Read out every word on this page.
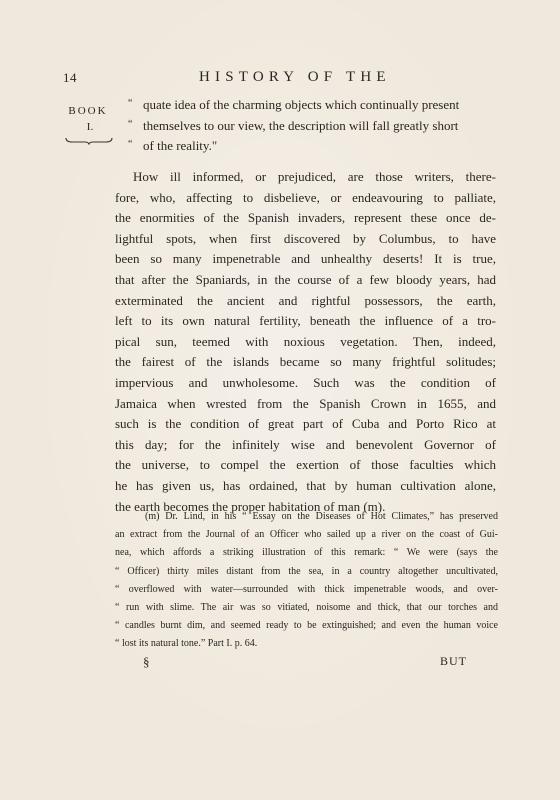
14	HISTORY OF THE
BOOK
I.
“ quate idea of the charming objects which continually present
“ themselves to our view, the description will fall greatly short
“ of the reality."
How ill informed, or prejudiced, are those writers, there-
fore, who, affecting to disbelieve, or endeavouring to palliate,
the enormities of the Spanish invaders, represent these once de-
lightful spots, when first discovered by Columbus, to have
been so many impenetrable and unhealthy deserts! It is true,
that after the Spaniards, in the course of a few bloody years, had
exterminated the ancient and rightful possessors, the earth,
left to its own natural fertility, beneath the influence of a tro-
pical sun, teemed with noxious vegetation. Then, indeed,
the fairest of the islands became so many frightful solitudes;
impervious and unwholesome. Such was the condition of
Jamaica when wrested from the Spanish Crown in 1655, and
such is the condition of great part of Cuba and Porto Rico at
this day; for the infinitely wise and benevolent Governor of
the universe, to compel the exertion of those faculties which
he has given us, has ordained, that by human cultivation alone,
the earth becomes the proper habitation of man (m).
(m) Dr. Lind, in his “ Essay on the Diseases of Hot Climates,” has preserved
an extract from the Journal of an Officer who sailed up a river on the coast of Gui-
nea, which affords a striking illustration of this remark: “ We were (says the
“ Officer) thirty miles distant from the sea, in a country altogether uncultivated,
“ overflowed with water—surrounded with thick impenetrable woods, and over-
“ run with slime. The air was so vitiated, noisome and thick, that our torches and
“ candles burnt dim, and seemed ready to be extinguished; and even the human voice
“ lost its natural tone.” Part I. p. 64.
§	BUT
